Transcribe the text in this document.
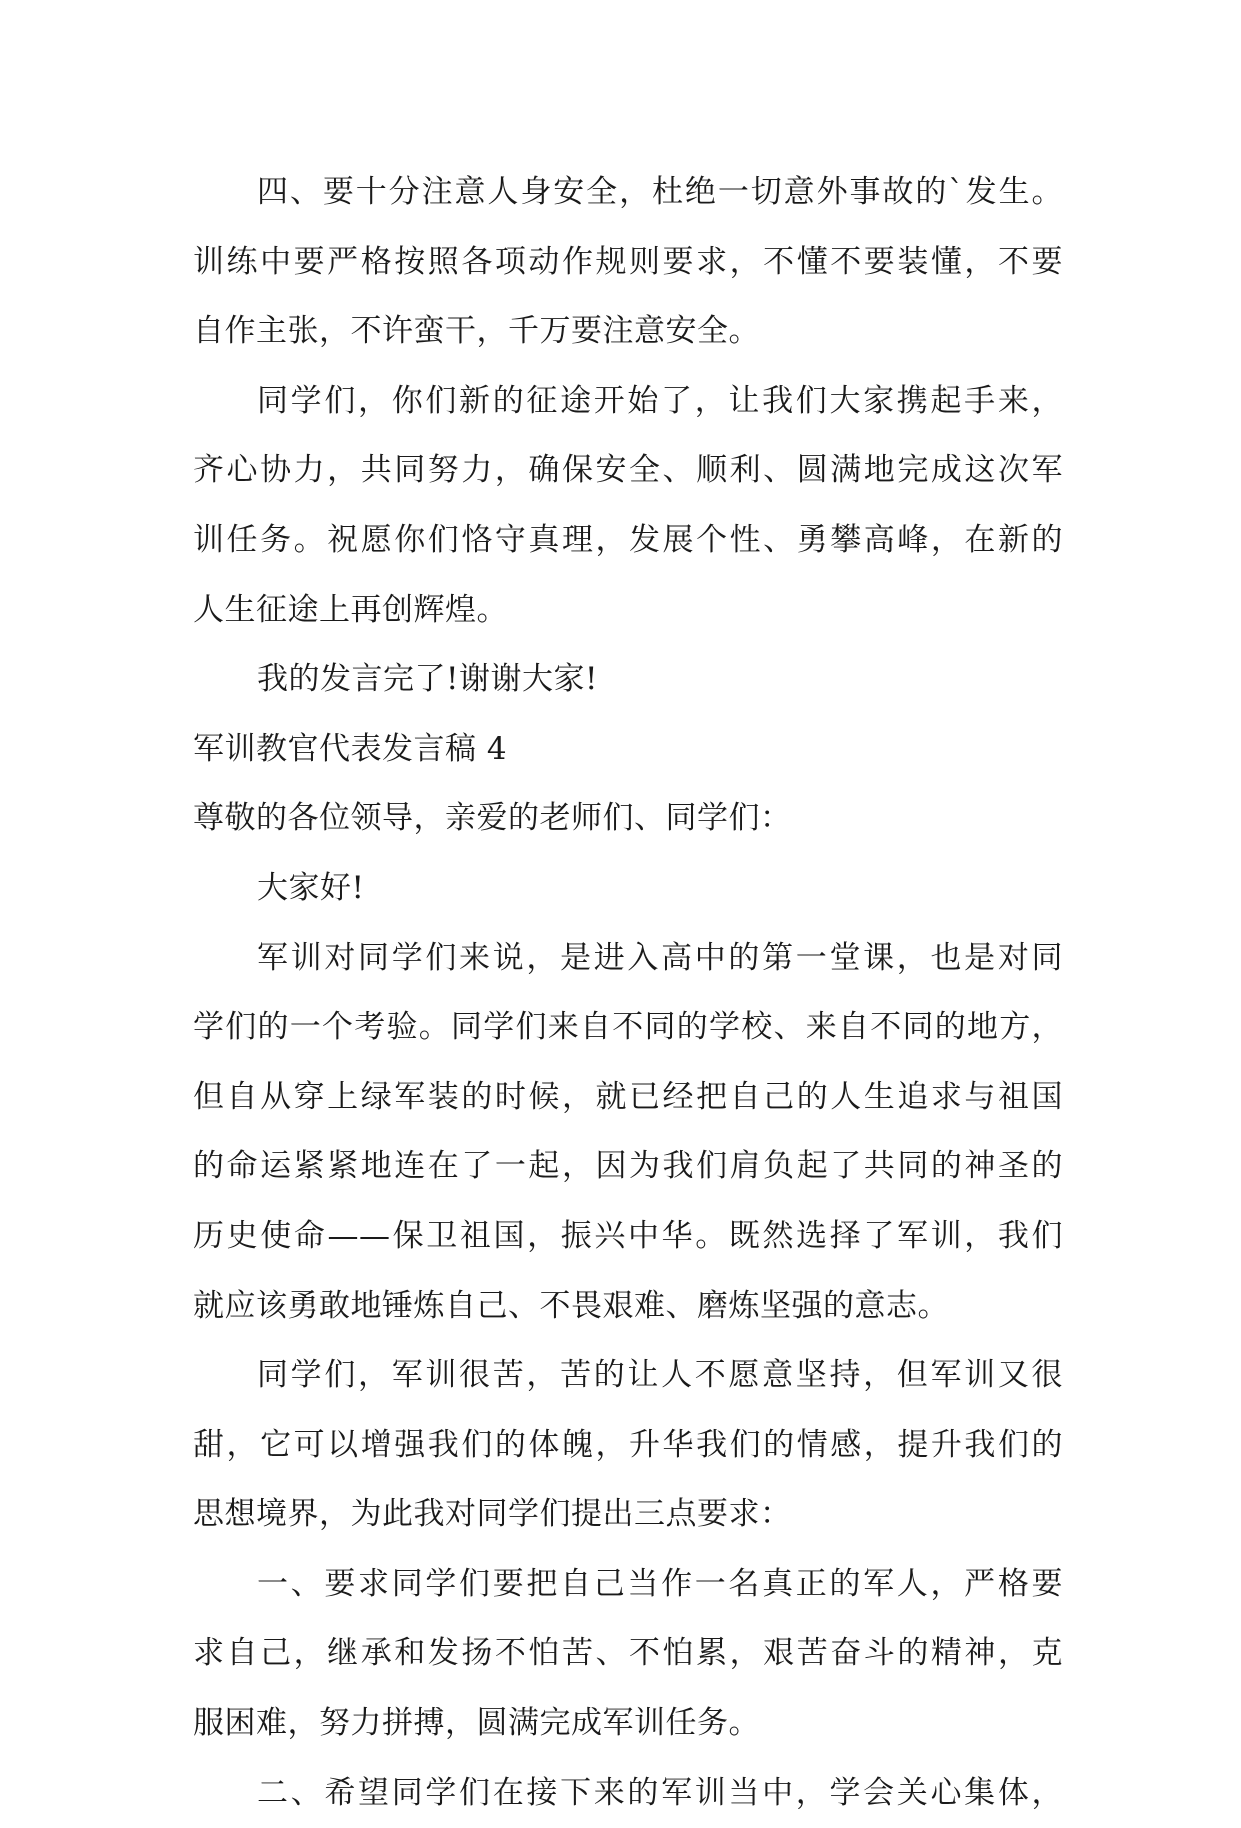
四、要十分注意人身安全，杜绝一切意外事故的`发生。
训练中要严格按照各项动作规则要求，不懂不要装懂，不要
自作主张，不许蛮干，千万要注意安全。
同学们，你们新的征途开始了，让我们大家携起手来，
齐心协力，共同努力，确保安全、顺利、圆满地完成这次军
训任务。祝愿你们恪守真理，发展个性、勇攀高峰，在新的
人生征途上再创辉煌。
我的发言完了!谢谢大家!
军训教官代表发言稿 4
尊敬的各位领导，亲爱的老师们、同学们：
大家好!
军训对同学们来说，是进入高中的第一堂课，也是对同
学们的一个考验。同学们来自不同的学校、来自不同的地方，
但自从穿上绿军装的时候，就已经把自己的人生追求与祖国
的命运紧紧地连在了一起，因为我们肩负起了共同的神圣的
历史使命——保卫祖国，振兴中华。既然选择了军训，我们
就应该勇敢地锤炼自己、不畏艰难、磨炼坚强的意志。
同学们，军训很苦，苦的让人不愿意坚持，但军训又很
甜，它可以增强我们的体魄，升华我们的情感，提升我们的
思想境界，为此我对同学们提出三点要求：
一、要求同学们要把自己当作一名真正的军人，严格要
求自己，继承和发扬不怕苦、不怕累，艰苦奋斗的精神，克
服困难，努力拼搏，圆满完成军训任务。
二、希望同学们在接下来的军训当中，学会关心集体，
